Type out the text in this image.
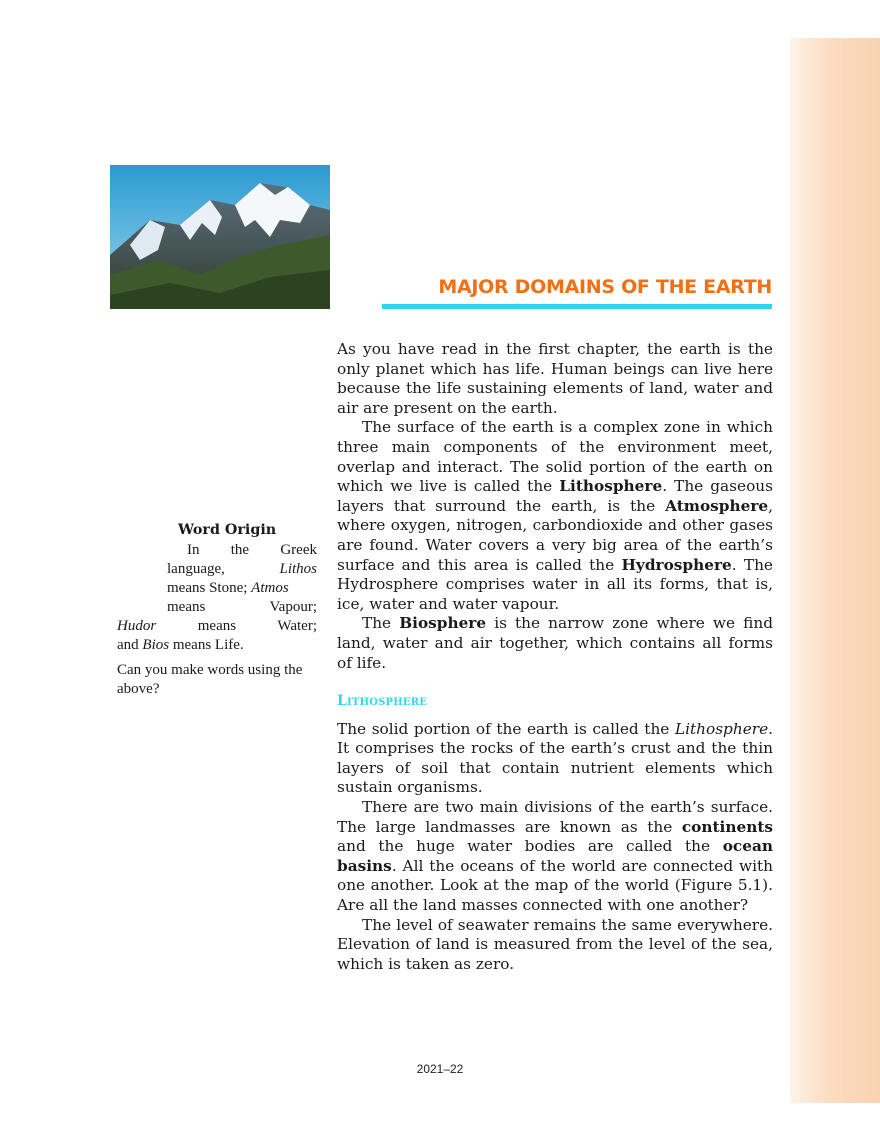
MAJOR DOMAINS OF THE EARTH

As you have read in the first chapter, the earth is the only planet which has life. Human beings can live here because the life sustaining elements of land, water and air are present on the earth.

The surface of the earth is a complex zone in which three main components of the environment meet, overlap and interact. The solid portion of the earth on which we live is called the Lithosphere. The gaseous layers that surround the earth, is the Atmosphere, where oxygen, nitrogen, carbondioxide and other gases are found. Water covers a very big area of the earth’s surface and this area is called the Hydrosphere. The Hydrosphere comprises water in all its forms, that is, ice, water and water vapour.

The Biosphere is the narrow zone where we find land, water and air together, which contains all forms of life.

Lithosphere

The solid portion of the earth is called the Lithosphere. It comprises the rocks of the earth’s crust and the thin layers of soil that contain nutrient elements which sustain organisms.

There are two main divisions of the earth’s surface. The large landmasses are known as the continents and the huge water bodies are called the ocean basins. All the oceans of the world are connected with one another. Look at the map of the world (Figure 5.1). Are all the land masses connected with one another?

The level of seawater remains the same everywhere. Elevation of land is measured from the level of the sea, which is taken as zero.

Word Origin
In the Greek
language, Lithos
means Stone; Atmos
means Vapour;
Hudor means Water;
and Bios means Life.
Can you make words using the above?
2021–22
